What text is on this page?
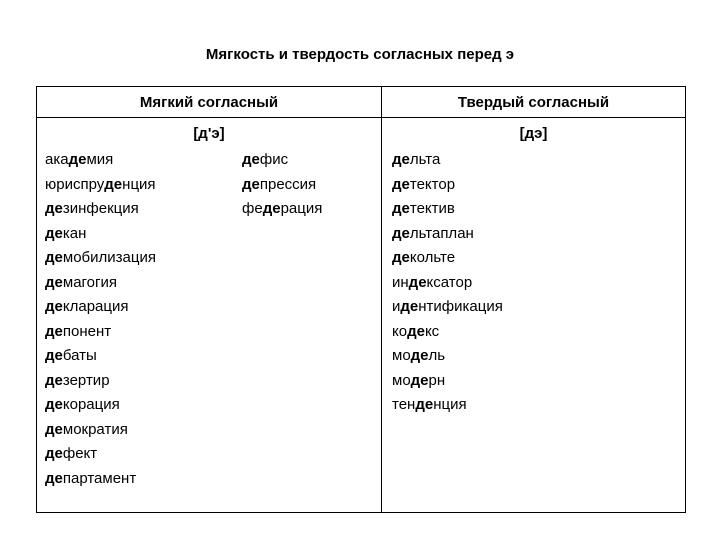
Мягкость и твердость согласных перед э
Мягкий согласный	Твердый согласный
[д'э]	[дэ]
академия
юриспруденция
дезинфекция
декан
демобилизация
демагогия
декларация
депонент
дебаты
дезертир
декорация
демократия
дефект
департамент
дефис
депрессия
федерация
дельта
детектор
детектив
дельтаплан
декольте
индексатор
идентификация
кодекс
модель
модерн
тенденция
